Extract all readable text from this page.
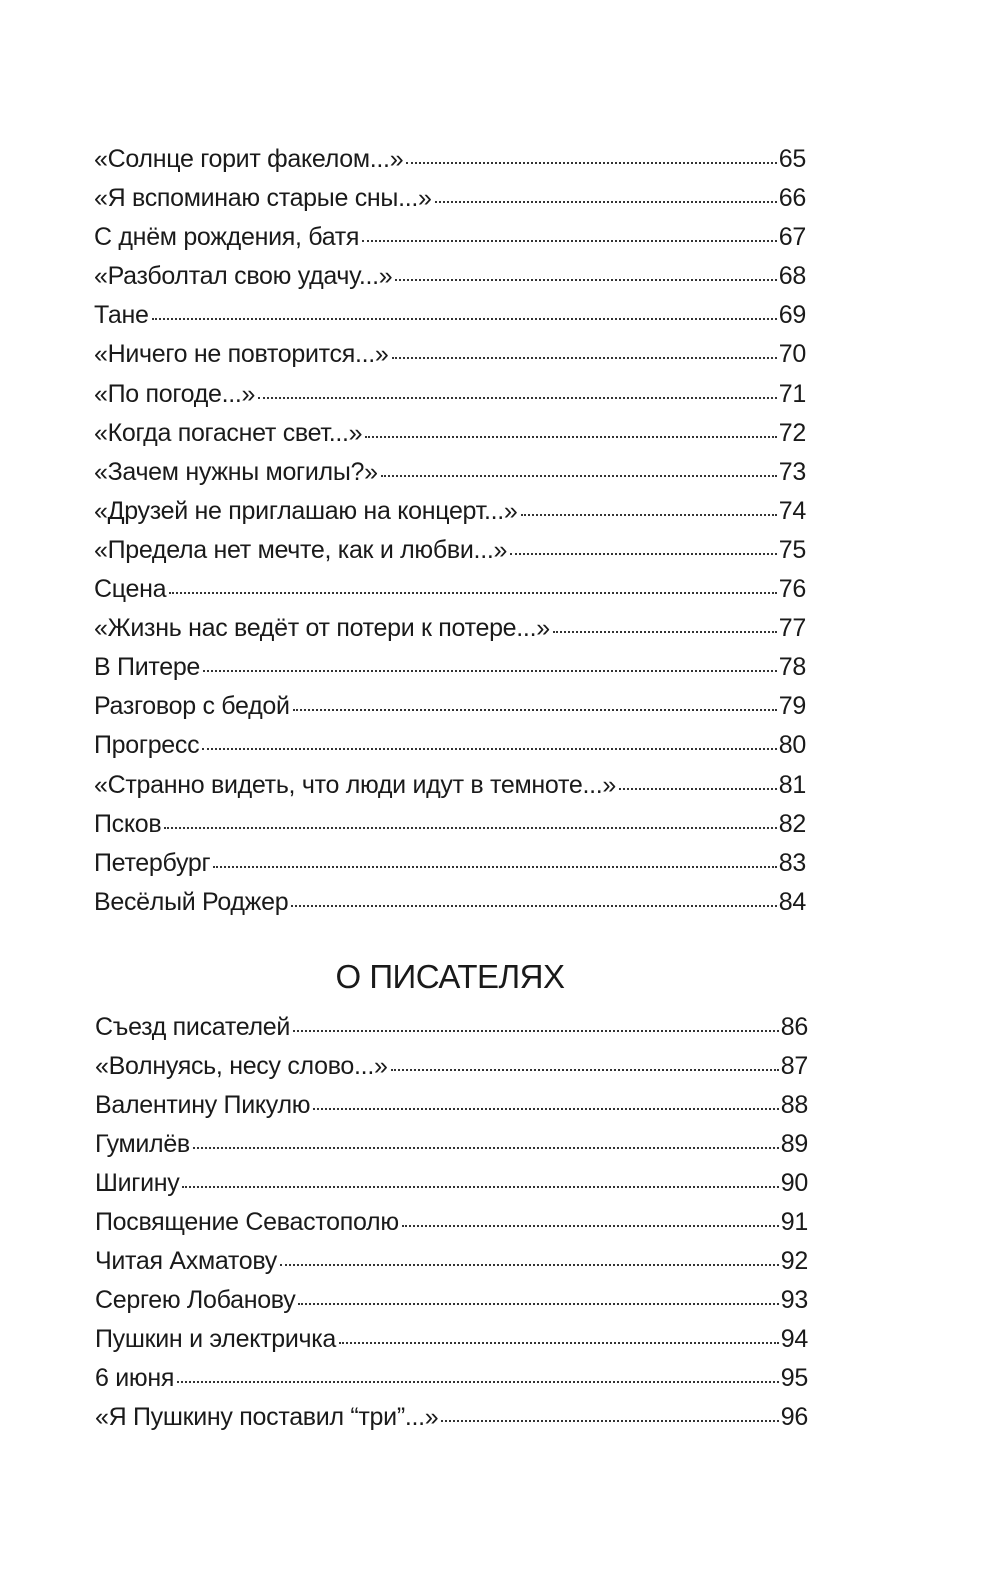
«Солнце горит факелом...»	65
«Я вспоминаю старые сны...»	66
С днём рождения, батя	67
«Разболтал свою удачу...»	68
Тане	69
«Ничего не повторится...»	70
«По погоде...»	71
«Когда погаснет свет...»	72
«Зачем нужны могилы?»	73
«Друзей не приглашаю на концерт...»	74
«Предела нет мечте, как и любви...»	75
Сцена	76
«Жизнь нас ведёт от потери к потере...»	77
В Питере	78
Разговор с бедой	79
Прогресс	80
«Странно видеть, что люди идут в темноте...»	81
Псков	82
Петербург	83
Весёлый Роджер	84
О ПИСАТЕЛЯХ
Съезд писателей	86
«Волнуясь, несу слово...»	87
Валентину Пикулю	88
Гумилёв	89
Шигину	90
Посвящение Севастополю	91
Читая Ахматову	92
Сергею Лобанову	93
Пушкин и электричка	94
6 июня	95
«Я Пушкину поставил “три”...»	96
